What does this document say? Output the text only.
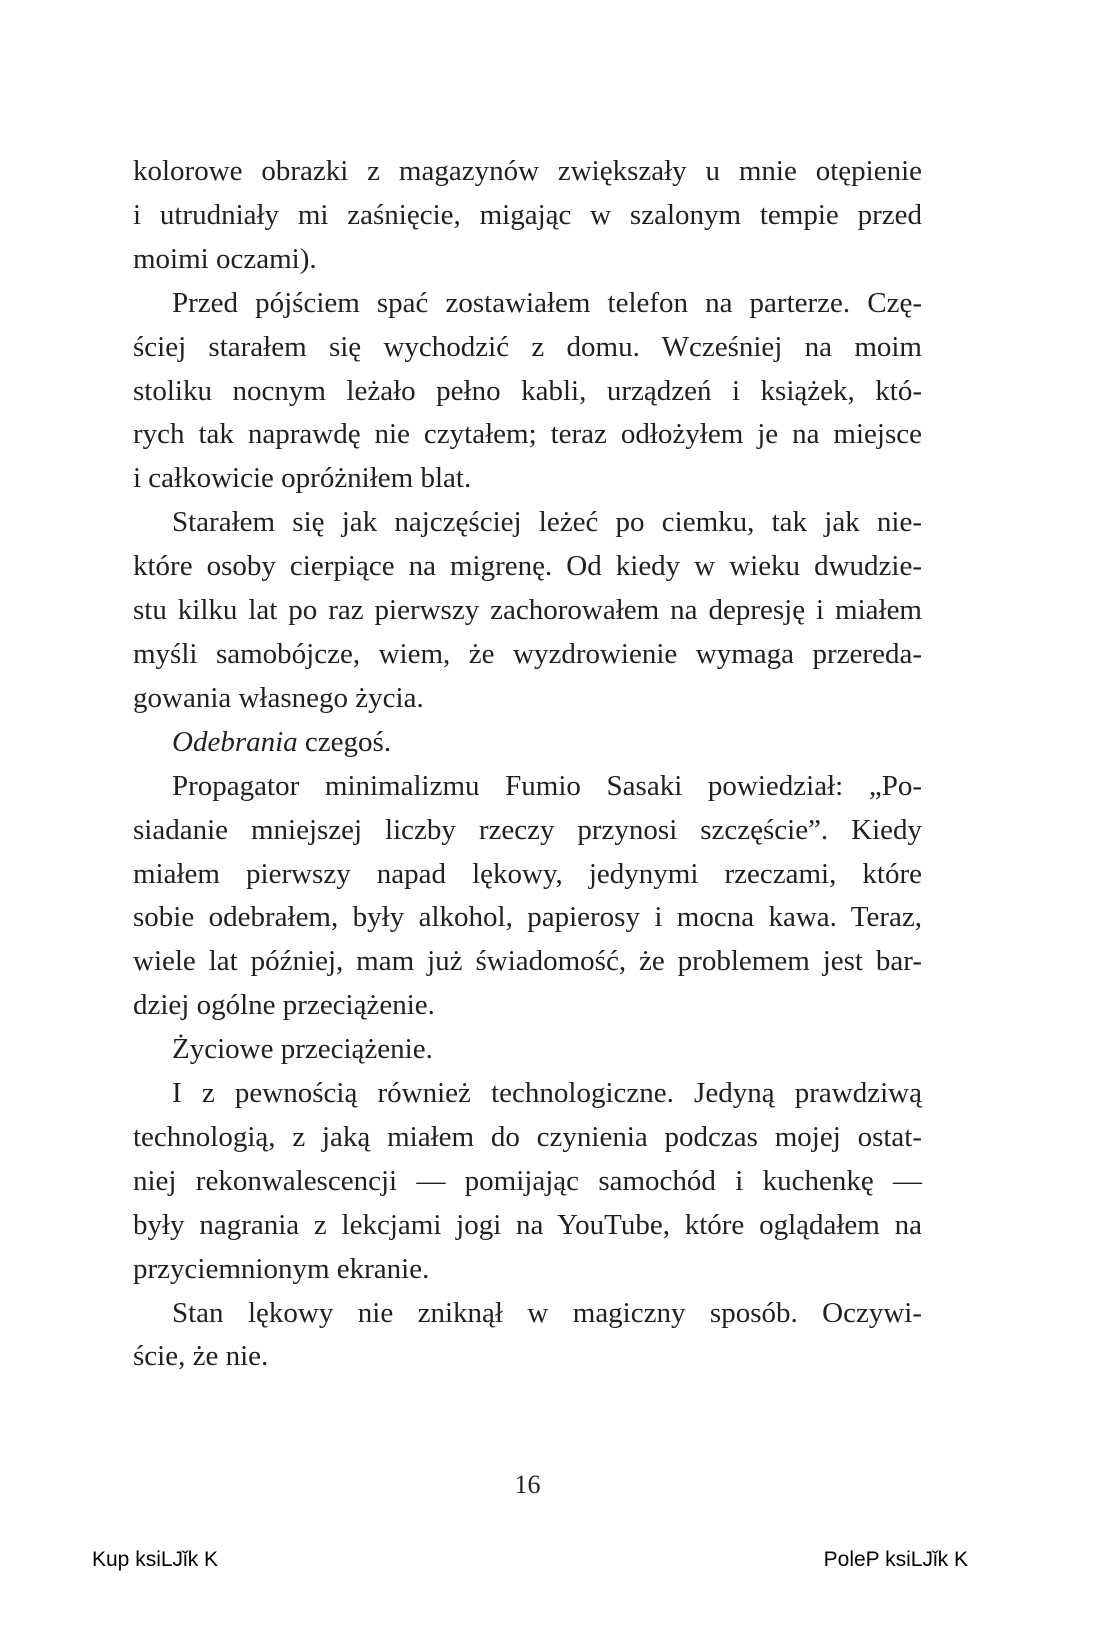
kolorowe obrazki z magazynów zwiększały u mnie otępienie
i utrudniały mi zaśnięcie, migając w szalonym tempie przed
moimi oczami).
Przed pójściem spać zostawiałem telefon na parterze. Czę-
ściej starałem się wychodzić z domu. Wcześniej na moim
stoliku nocnym leżało pełno kabli, urządzeń i książek, któ-
rych tak naprawdę nie czytałem; teraz odłożyłem je na miejsce
i całkowicie opróżniłem blat.
Starałem się jak najczęściej leżeć po ciemku, tak jak nie-
które osoby cierpiące na migrenę. Od kiedy w wieku dwudzie-
stu kilku lat po raz pierwszy zachorowałem na depresję i miałem
myśli samobójcze, wiem, że wyzdrowienie wymaga przereda-
gowania własnego życia.
Odebrania czegoś.
Propagator minimalizmu Fumio Sasaki powiedział: „Po-
siadanie mniejszej liczby rzeczy przynosi szczęście”. Kiedy
miałem pierwszy napad lękowy, jedynymi rzeczami, które
sobie odebrałem, były alkohol, papierosy i mocna kawa. Teraz,
wiele lat później, mam już świadomość, że problemem jest bar-
dziej ogólne przeciążenie.
Życiowe przeciążenie.
I z pewnością również technologiczne. Jedyną prawdziwą
technologią, z jaką miałem do czynienia podczas mojej ostat-
niej rekonwalescencji — pomijając samochód i kuchenkę —
były nagrania z lekcjami jogi na YouTube, które oglądałem na
przyciemnionym ekranie.
Stan lękowy nie zniknął w magiczny sposób. Oczywi-
ście, że nie.
16
Kup ksiLJǐk K	PoleP ksiLJǐk K
